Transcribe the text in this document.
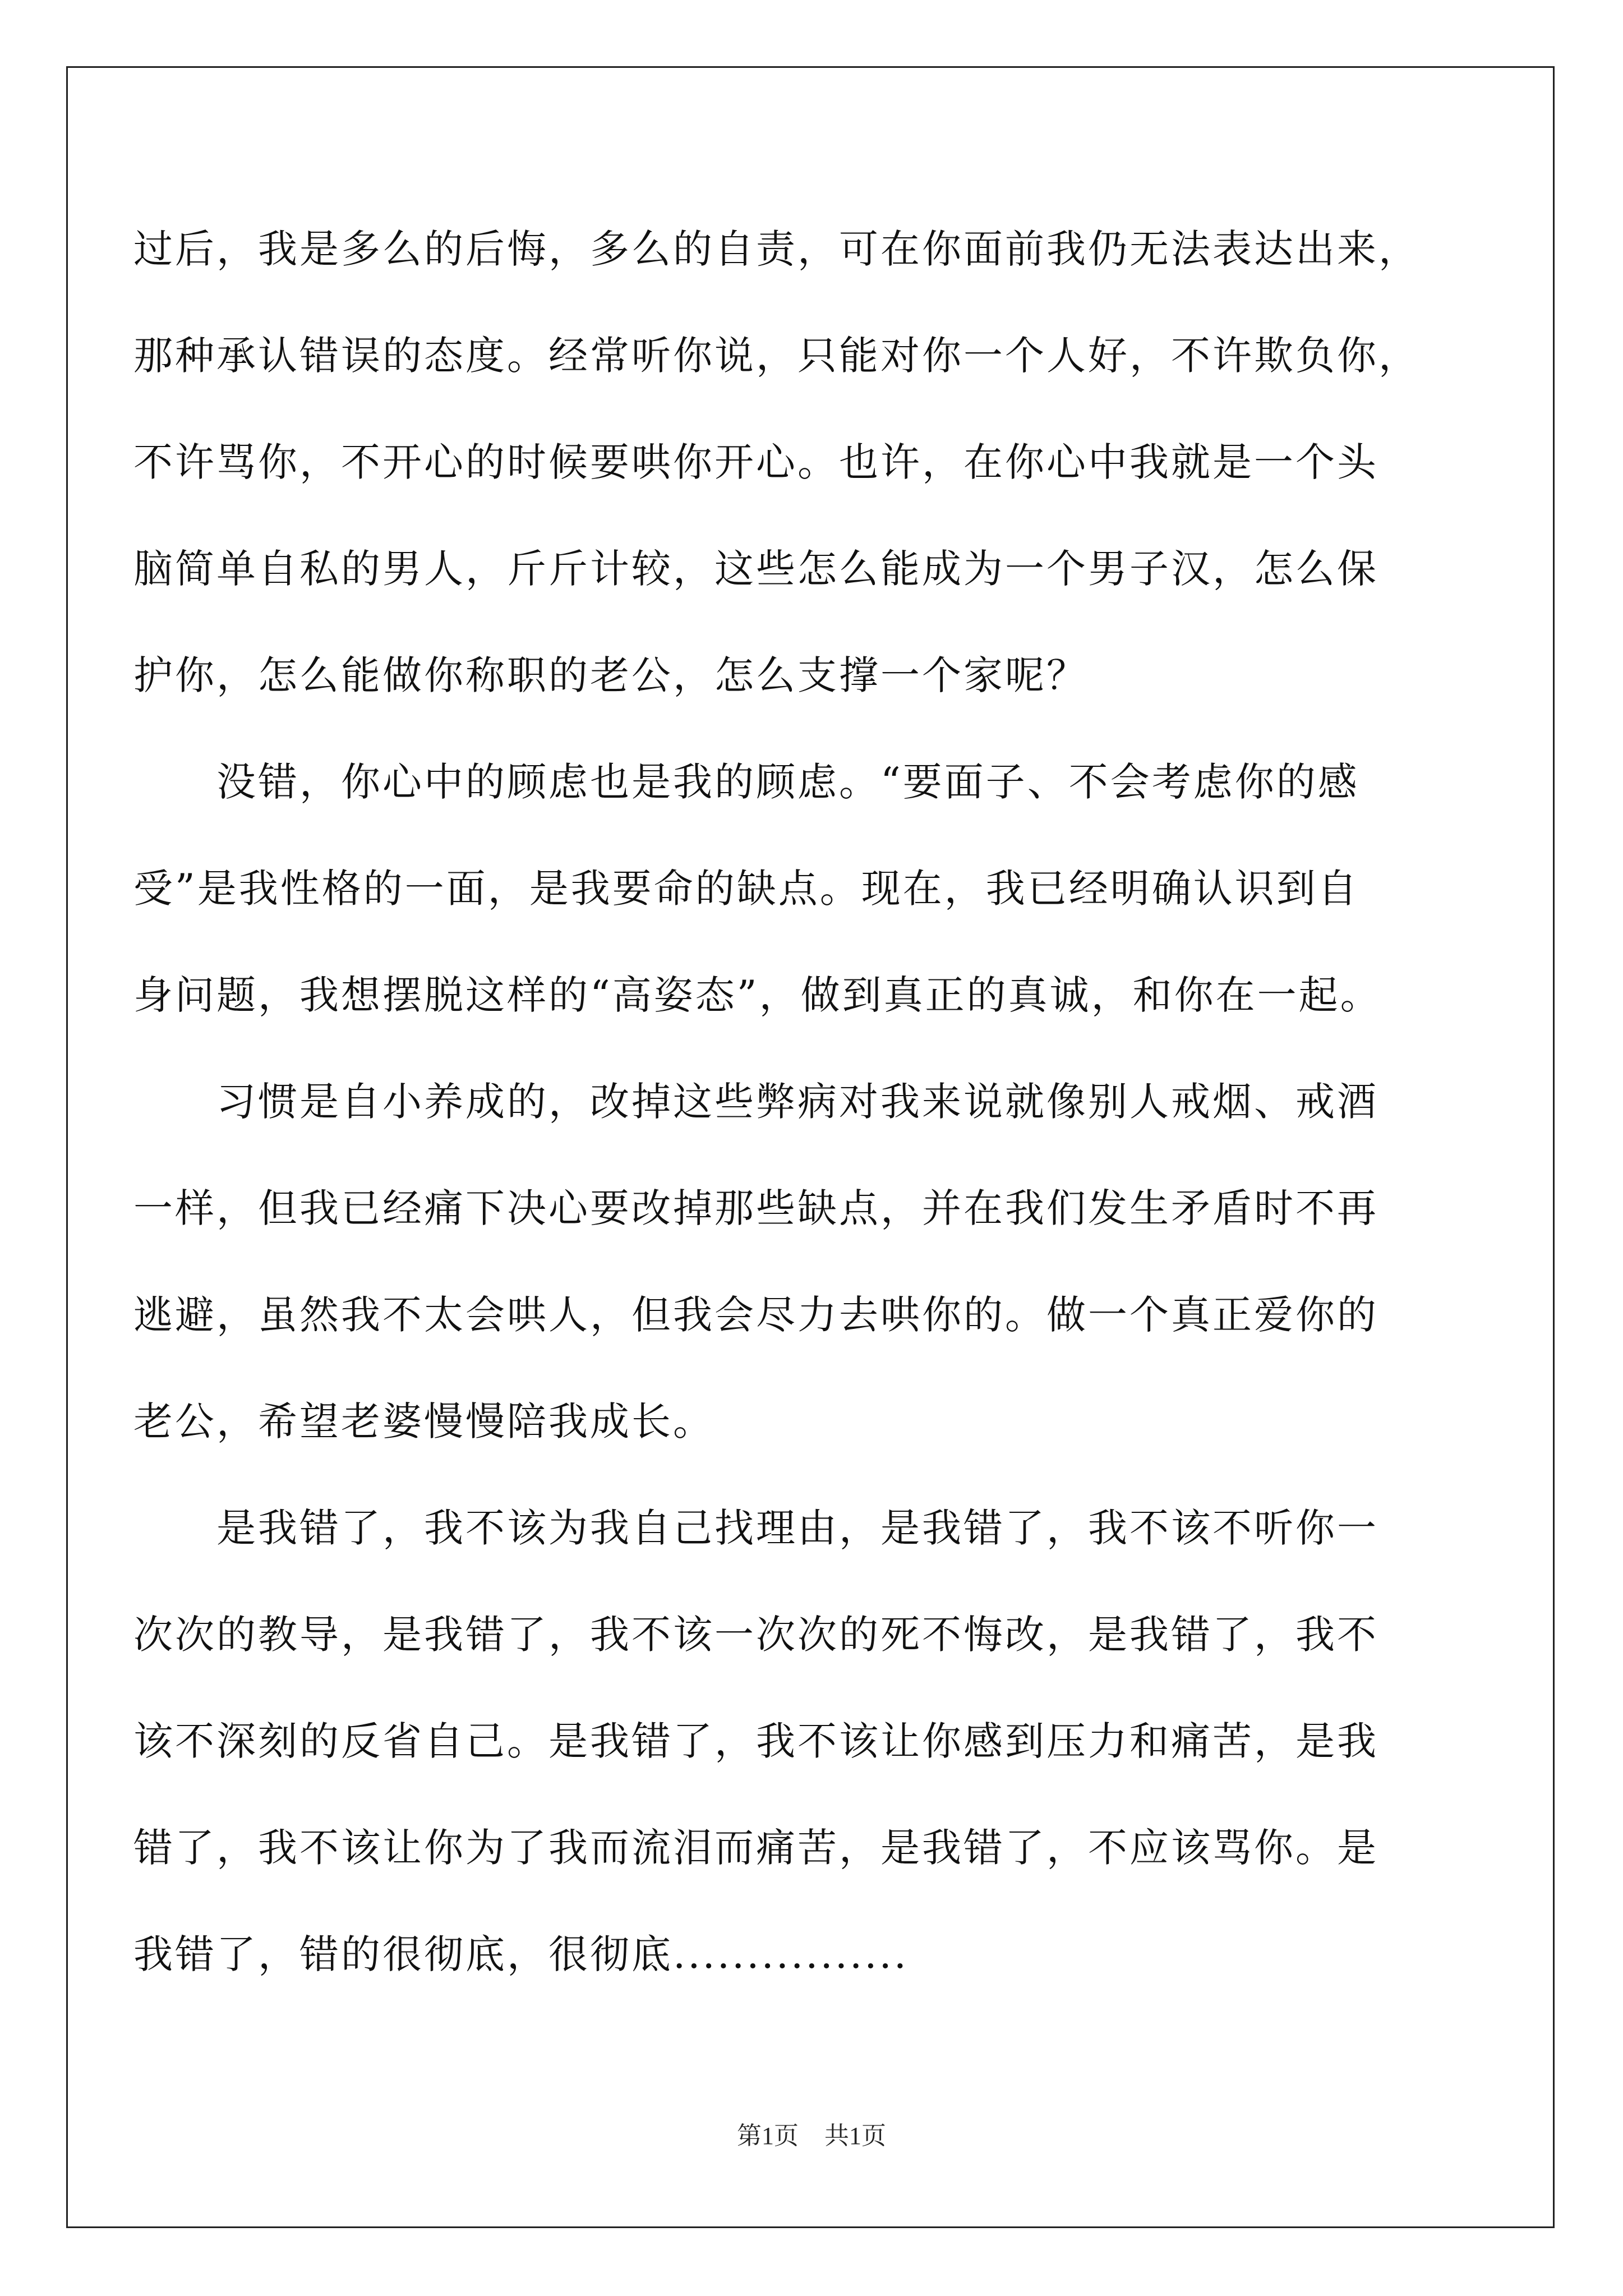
过后，我是多么的后悔，多么的自责，可在你面前我仍无法表达出来，
那种承认错误的态度。经常听你说，只能对你一个人好，不许欺负你，
不许骂你，不开心的时候要哄你开心。也许，在你心中我就是一个头
脑简单自私的男人，斤斤计较，这些怎么能成为一个男子汉，怎么保
护你，怎么能做你称职的老公，怎么支撑一个家呢？
　　没错，你心中的顾虑也是我的顾虑。“要面子、不会考虑你的感
受”是我性格的一面，是我要命的缺点。现在，我已经明确认识到自
身问题，我想摆脱这样的“高姿态”，做到真正的真诚，和你在一起。
　　习惯是自小养成的，改掉这些弊病对我来说就像别人戒烟、戒酒
一样，但我已经痛下决心要改掉那些缺点，并在我们发生矛盾时不再
逃避，虽然我不太会哄人，但我会尽力去哄你的。做一个真正爱你的
老公，希望老婆慢慢陪我成长。
　　是我错了，我不该为我自己找理由，是我错了，我不该不听你一
次次的教导，是我错了，我不该一次次的死不悔改，是我错了，我不
该不深刻的反省自己。是我错了，我不该让你感到压力和痛苦，是我
错了，我不该让你为了我而流泪而痛苦，是我错了，不应该骂你。是
我错了，错的很彻底，很彻底................
第1页 共1页
